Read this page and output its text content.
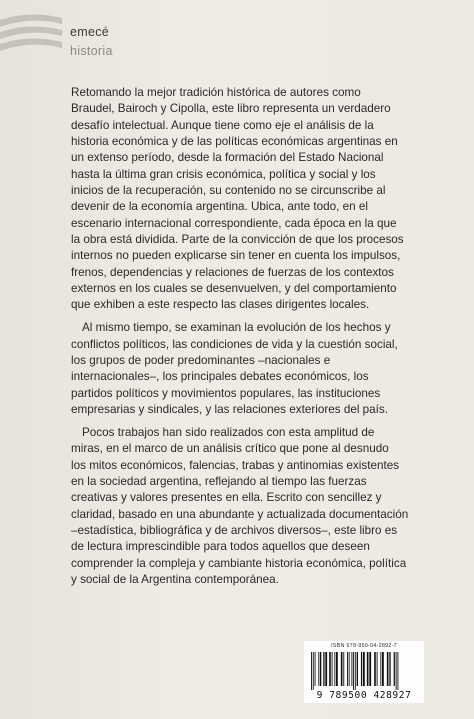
emecé
historia

Retomando la mejor tradición histórica de autores como
Braudel, Bairoch y Cipolla, este libro representa un verdadero
desafío intelectual. Aunque tiene como eje el análisis de la
historia económica y de las políticas económicas argentinas en
un extenso período, desde la formación del Estado Nacional
hasta la última gran crisis económica, política y social y los
inicios de la recuperación, su contenido no se circunscribe al
devenir de la economía argentina. Ubica, ante todo, en el
escenario internacional correspondiente, cada época en la que
la obra está dividida. Parte de la convicción de que los procesos
internos no pueden explicarse sin tener en cuenta los impulsos,
frenos, dependencias y relaciones de fuerzas de los contextos
externos en los cuales se desenvuelven, y del comportamiento
que exhiben a este respecto las clases dirigentes locales.

Al mismo tiempo, se examinan la evolución de los hechos y
conflictos políticos, las condiciones de vida y la cuestión social,
los grupos de poder predominantes –nacionales e
internacionales–, los principales debates económicos, los
partidos políticos y movimientos populares, las instituciones
empresarias y sindicales, y las relaciones exteriores del país.

Pocos trabajos han sido realizados con esta amplitud de
miras, en el marco de un análisis crítico que pone al desnudo
los mitos económicos, falencias, trabas y antinomias existentes
en la sociedad argentina, reflejando al tiempo las fuerzas
creativas y valores presentes en ella. Escrito con sencillez y
claridad, basado en una abundante y actualizada documentación
–estadística, bibliográfica y de archivos diversos–, este libro es
de lectura imprescindible para todos aquellos que deseen
comprender la compleja y cambiante historia económica, política
y social de la Argentina contemporánea.

ISBN 978-950-04-2892-7
9 789500 428927
